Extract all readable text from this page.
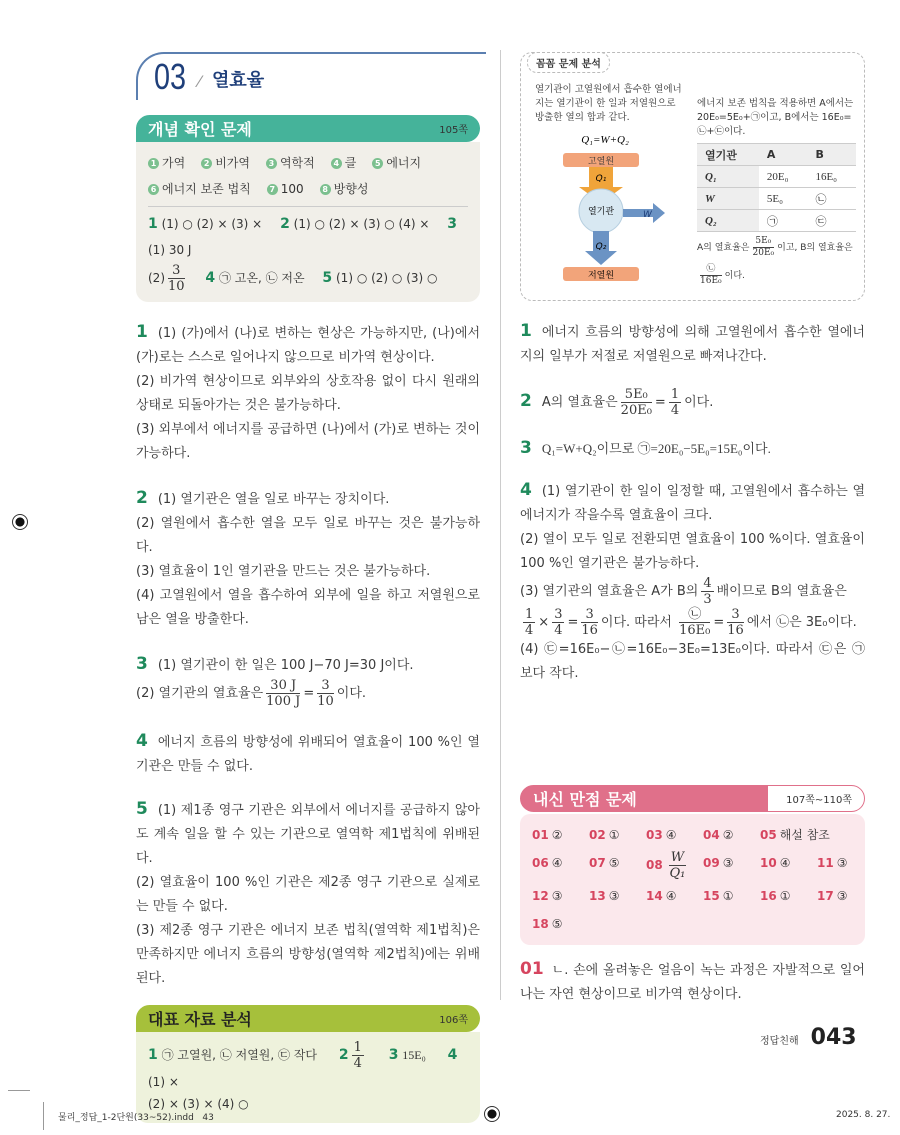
03 ⁄ 열효율
개념 확인 문제	105쪽
1 가역 2 비가역 3 역학적 4 클 5 에너지6 에너지 보존 법칙 7 100 8 방향성
1 (1) ○ (2) × (3) × 2 (1) ○ (2) × (3) ○ (4) × 3 (1) 30 J
$(2) \frac{3}{10} 4$ ㉠ 고온, ㉡ 저온 5 (1) ○ (2) ○ (3) ○
1 (1) (가)에서 (나)로 변하는 현상은 가능하지만, (나)에서 (가)로는 스스로 일어나지 않으므로 비가역 현상이다.
(2) 비가역 현상이므로 외부와의 상호작용 없이 다시 원래의 상태로 되돌아가는 것은 불가능하다.
(3) 외부에서 에너지를 공급하면 (나)에서 (가)로 변하는 것이 가능하다.
2 (1) 열기관은 열을 일로 바꾸는 장치이다.
(2) 열원에서 흡수한 열을 모두 일로 바꾸는 것은 불가능하다.
(3) 열효율이 1인 열기관을 만드는 것은 불가능하다.
(4) 고열원에서 열을 흡수하여 외부에 일을 하고 저열원으로 남은 열을 방출한다.
3 (1) 열기관이 한 일은 100 J−70 J=30 J이다.
(2) 열기관의 열효율은 $\frac{30 J}{100 J} = \frac{3}{10}$ 이다.
4 에너지 흐름의 방향성에 위배되어 열효율이 100 %인 열기관은 만들 수 없다.
5 (1) 제1종 영구 기관은 외부에서 에너지를 공급하지 않아도 계속 일을 할 수 있는 기관으로 열역학 제1법칙에 위배된다.
(2) 열효율이 100 %인 기관은 제2종 영구 기관으로 실제로는 만들 수 없다.
(3) 제2종 영구 기관은 에너지 보존 법칙(열역학 제1법칙)은 만족하지만 에너지 흐름의 방향성(열역학 제2법칙)에는 위배된다.
대표 자료 분석	106쪽
1 ㉠ 고열원, ㉡ 저열원, ㉢ 작다 $2 \frac{1}{4} 3$ 15E₀ 4 (1) ×
(2) × (3) × (4) ○
꼼꼼 문제 분석
열기관이 고열원에서 흡수한 열에너지는 열기관이 한 일과 저열원으로 방출한 열의 합과 같다.
Q₁=W+Q₂
고열원
Q₁
열기관	W
Q₂
저열원
에너지 보존 법칙을 적용하면 A에서는 20E₀=5E₀+㉠이고, B에서는 16E₀=㉡+㉢이다.
열기관	A	B
Q₁	20E₀	16E₀
W	5E₀	㉡
Q₂	㉠	㉢
A의 열효율은 $\frac{\text{5E₀}}{\text{20E₀}}$ 이고, B의 열효율은

$\frac{㉡}{\text{16E₀}}$ 이다.
1 에너지 흐름의 방향성에 의해 고열원에서 흡수한 열에너지의 일부가 저절로 저열원으로 빠져나간다.
2 A의 열효율은 $\frac{\text{5E₀}}{\text{20E₀}} = \frac{1}{4}$ 이다.
3 Q₁=W+Q₂이므로 ㉠=20E₀−5E₀=15E₀이다.
4 (1) 열기관이 한 일이 일정할 때, 고열원에서 흡수하는 열에너지가 작을수록 열효율이 크다.
(2) 열이 모두 일로 전환되면 열효율이 100 %이다. 열효율이 100 %인 열기관은 불가능하다.
(3) 열기관의 열효율은 A가 B의 $\frac{4}{3}$ 배이므로 B의 열효율은

$\frac{1}{4} \times \frac{3}{4} = \frac{3}{16}$ 이다. 따라서 $\frac{㉡}{\text{16E₀}} = \frac{3}{16}$ 에서 ㉡은 3E₀이다.
(4) ㉢=16E₀−㉡=16E₀−3E₀=13E₀이다. 따라서 ㉢은 ㉠보다 작다.
내신 만점 문제	107쪽~110쪽
01 ②	02 ①	03 ④	04 ②	05 해설 참조
06 ④	07 ⑤	$08 \frac{W}{\text{Q₁}} 09$ ③	10 ④	11 ③
12 ③	13 ③	14 ④	15 ①	16 ①	17 ③
18 ⑤
01 ㄴ. 손에 올려놓은 얼음이 녹는 과정은 자발적으로 일어나는 자연 현상이므로 비가역 현상이다.
정답친해 043
물리_정답_1-2단원(33~52).indd   43	2025. 8. 27.
